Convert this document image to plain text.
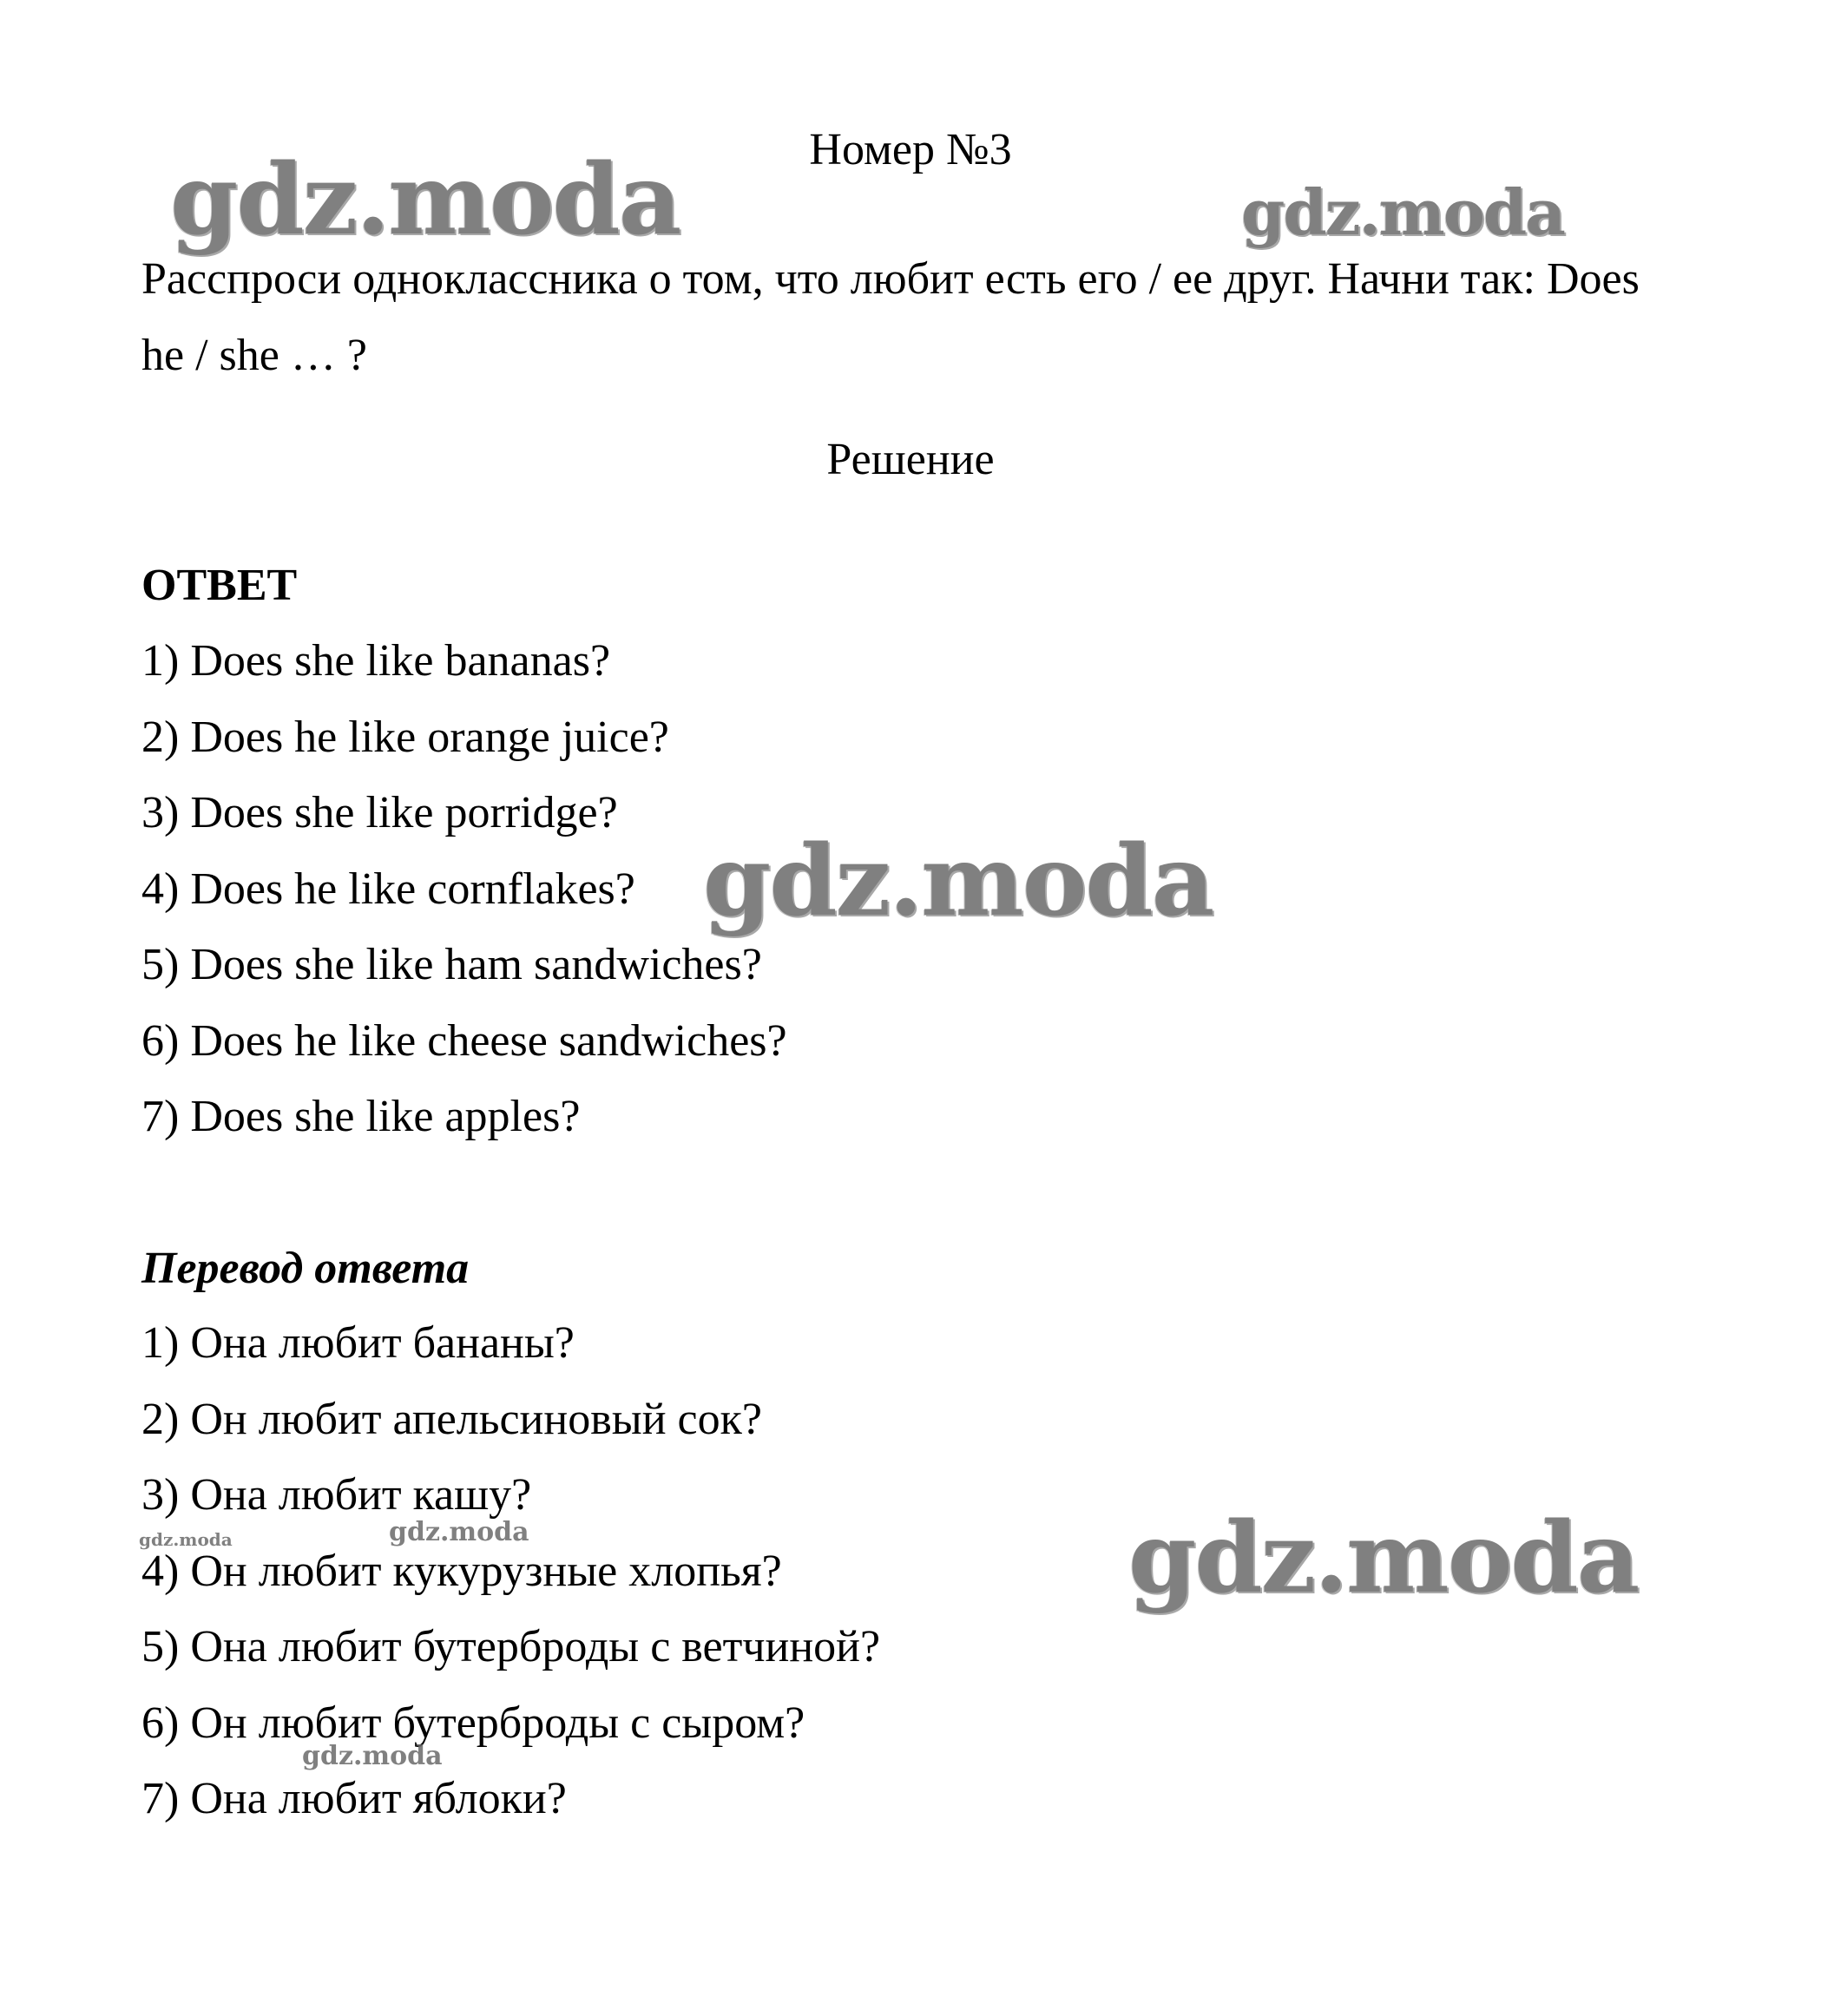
Номер №3
Расспроси одноклассника о том, что любит есть его / ее друг. Начни так: Does he / she … ?
Решение
ОТВЕТ
1) Does she like bananas?
2) Does he like orange juice?
3) Does she like porridge?
4) Does he like cornflakes?
5) Does she like ham sandwiches?
6) Does he like cheese sandwiches?
7) Does she like apples?
Перевод ответа
1) Она любит бананы?
2) Он любит апельсиновый сок?
3) Она любит кашу?
4) Он любит кукурузные хлопья?
5) Она любит бутерброды с ветчиной?
6) Он любит бутерброды с сыром?
7) Она любит яблоки?
gdz.moda	gdz.moda
gdz.moda
gdz.moda
gdz.moda	gdz.moda
gdz.moda
